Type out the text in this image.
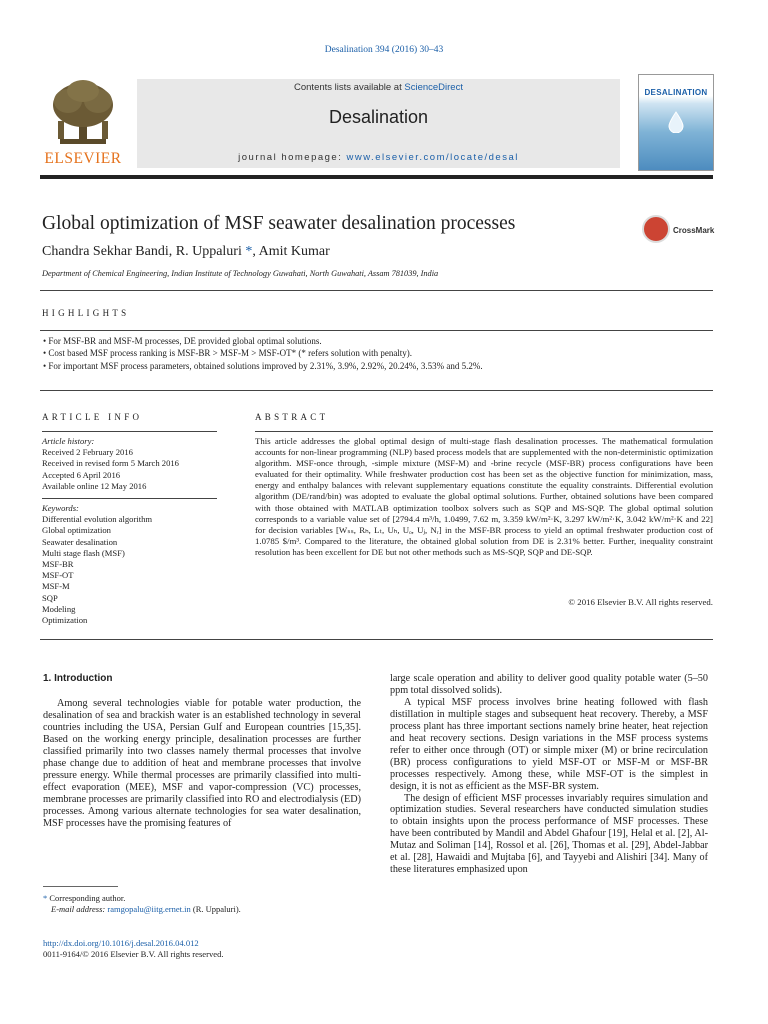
Desalination 394 (2016) 30–43
ELSEVIER
Contents lists available at ScienceDirect
Desalination
journal homepage: www.elsevier.com/locate/desal
DESALINATION
Global optimization of MSF seawater desalination processes	CrossMark
Chandra Sekhar Bandi, R. Uppaluri *, Amit Kumar
Department of Chemical Engineering, Indian Institute of Technology Guwahati, North Guwahati, Assam 781039, India
HIGHLIGHTS
• For MSF-BR and MSF-M processes, DE provided global optimal solutions.
• Cost based MSF process ranking is MSF-BR > MSF-M > MSF-OT* (* refers solution with penalty).
• For important MSF process parameters, obtained solutions improved by 2.31%, 3.9%, 2.92%, 20.24%, 3.53% and 5.2%.
ARTICLE INFO
Article history:
Received 2 February 2016
Received in revised form 5 March 2016
Accepted 6 April 2016
Available online 12 May 2016
Keywords:
Differential evolution algorithm
Global optimization
Seawater desalination
Multi stage flash (MSF)
MSF-BR
MSF-OT
MSF-M
SQP
Modeling
Optimization
ABSTRACT
This article addresses the global optimal design of multi-stage flash desalination processes. The mathematical formulation accounts for non-linear programming (NLP) based process models that are supplemented with the non-deterministic optimization algorithm. MSF-once through, -simple mixture (MSF-M) and -brine recycle (MSF-BR) process configurations have been evaluated for their optimality. While freshwater production cost has been set as the objective function for minimization, mass, energy and enthalpy balances with relevant supplementary equations constitute the equality constraints. Differential evolution algorithm (DE/rand/bin) was adopted to evaluate the global optimal solutions. Further, obtained solutions have been compared with those obtained with MATLAB optimization toolbox solvers such as SQP and MS-SQP. The global optimal solution corresponds to a variable value set of [2794.4 m³/h, 1.0499, 7.62 m, 3.359 kW/m²·K, 3.297 kW/m²·K, 3.042 kW/m²·K and 22] for decision variables [Wₛₛ, Rₕ, Lₜ, Uₕ, Uₒ, Uⱼ, Nᵣ] in the MSF-BR process to yield an optimal freshwater production cost of 1.0785 $/m³. Compared to the literature, the obtained global solution from DE is 2.31% better. Further, inequality constraint resolution has been excellent for DE but not other methods such as MS-SQP, SQP and DE-SQP.
© 2016 Elsevier B.V. All rights reserved.
1. Introduction

Among several technologies viable for potable water production, the desalination of sea and brackish water is an established technology in several countries including the USA, Persian Gulf and European countries [15,35]. Based on the working energy principle, desalination processes are further classified primarily into two classes namely thermal processes that involve phase change due to addition of heat and membrane processes that involve pressure energy. While thermal processes are primarily classified into multi-effect evaporation (MEE), MSF and vapor-compression (VC) processes, membrane processes are primarily classified into RO and electrodialysis (ED) processes. Among various alternate technologies for sea water desalination, MSF processes have the promising features of

large scale operation and ability to deliver good quality potable water (5–50 ppm total dissolved solids).

A typical MSF process involves brine heating followed with flash distillation in multiple stages and subsequent heat recovery. Thereby, a MSF process plant has three important sections namely brine heater, heat rejection and heat recovery sections. Design variations in the MSF process systems refer to either once through (OT) or simple mixer (M) or brine recirculation (BR) process configurations to yield MSF-OT or MSF-M or MSF-BR processes respectively. Among these, while MSF-OT is the simplest in design, it is not as efficient as the MSF-BR system.

The design of efficient MSF processes invariably requires simulation and optimization studies. Several researchers have conducted simulation studies to obtain insights upon the process performance of MSF processes. These have been contributed by Mandil and Abdel Ghafour [19], Helal et al. [2], Al-Mutaz and Soliman [14], Rossol et al. [26], Thomas et al. [29], Abdel-Jabbar et al. [28], Hawaidi and Mujtaba [6], and Tayyebi and Alishiri [34]. Many of these literatures emphasized upon

* Corresponding author.
E-mail address: ramgopalu@iitg.ernet.in (R. Uppaluri).
http://dx.doi.org/10.1016/j.desal.2016.04.012
0011-9164/© 2016 Elsevier B.V. All rights reserved.
